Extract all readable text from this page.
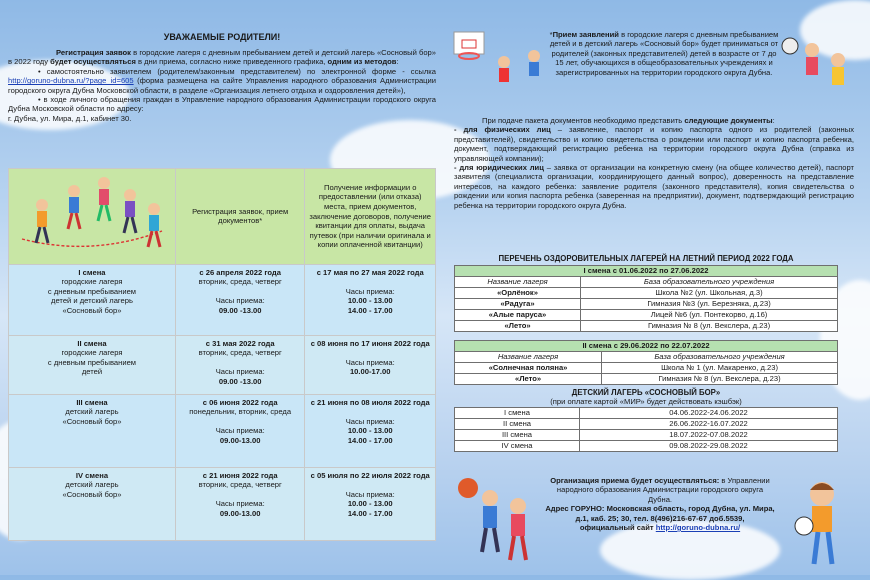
УВАЖАЕМЫЕ РОДИТЕЛИ!

Регистрация заявок в городские лагеря с дневным пребыванием детей и детский лагерь «Сосновый бор» в 2022 году будет осуществляться в дни приема, согласно ниже приведенного графика, одним из методов:

• самостоятельно заявителем (родителем/законным представителем) по электронной форме - ссылка http://goruno-dubna.ru/?page_id=605 (форма размещена на сайте Управления народного образования Администрации городского округа Дубна Московской области, в разделе «Организация летнего отдыха и оздоровления детей»),

• в ходе личного обращения граждан в Управление народного образования Администрации городского округа Дубна Московской области по адресу:

г. Дубна, ул. Мира, д.1, кабинет 30.

	Регистрация заявок, прием документов*	Получение информации о предоставлении (или отказа) места, прием документов, заключение договоров, получение квитанции для оплаты, выдача путевок (при наличии оригинала и копии оплаченной квитанции)
I смена
городские лагеря
с дневным пребыванием
детей и детский лагерь
«Сосновый бор»	с 26 апреля 2022 года
вторник, среда, четверг

Часы приема:
09.00 -13.00	с 17 мая по 27 мая 2022 года

Часы приема:
10.00 - 13.00
14.00 - 17.00
II смена
городские лагеря
с дневным пребыванием
детей	с 31 мая 2022 года
вторник, среда, четверг

Часы приема:
09.00 -13.00	с 08 июня по 17 июня 2022 года

Часы приема:
10.00-17.00
III смена
детский лагерь
«Сосновый бор»	с 06 июня 2022 года
понедельник, вторник, среда

Часы приема:
09.00-13.00	с 21 июня по 08 июля 2022 года

Часы приема:
10.00 - 13.00
14.00 - 17.00
IV смена
детский лагерь
«Сосновый бор»	с 21 июня 2022 года
вторник, среда, четверг

Часы приема:
09.00-13.00	с 05 июля по 22 июля 2022 года

Часы приема:
10.00 - 13.00
14.00 - 17.00

*Прием заявлений в городские лагеря с дневным пребыванием детей и в детский лагерь «Сосновый бор» будет приниматься от родителей (законных представителей) детей в возрасте от 7 до 15 лет, обучающихся в общеобразовательных учреждениях и зарегистрированных на территории городского округа Дубна.

При подаче пакета документов необходимо представить следующие документы:

- для физических лиц – заявление, паспорт и копию паспорта одного из родителей (законных представителей), свидетельство и копию свидетельства о рождении или паспорт и копию паспорта ребенка, документ, подтверждающий регистрацию ребенка на территории городского округа Дубна (справка из управляющей компании);

- для юридических лиц – заявка от организации на конкретную смену (на общее количество детей), паспорт заявителя (специалиста организации, координирующего данный вопрос), доверенность на представление интересов, на каждого ребенка: заявление родителя (законного представителя), копия свидетельства о рождении или копия паспорта ребенка (заверенная на предприятии), документ, подтверждающий регистрацию ребенка на территории городского округа Дубна.

ПЕРЕЧЕНЬ ОЗДОРОВИТЕЛЬНЫХ ЛАГЕРЕЙ НА ЛЕТНИЙ ПЕРИОД 2022 ГОДА
I смена с 01.06.2022 по 27.06.2022	
Название лагеря	База образовательного учреждения
«Орлёнок»	Школа №2 (ул. Школьная, д.3)
«Радуга»	Гимназия №3 (ул. Березняка, д.23)
«Алые паруса»	Лицей №6 (ул. Понтекорво, д.16)
«Лето»	Гимназия № 8 (ул. Векслера, д.23)
II смена с 29.06.2022 по 22.07.2022	
Название лагеря	База образовательного учреждения
«Солнечная поляна»	Школа № 1 (ул. Макаренко, д.23)
«Лето»	Гимназия № 8 (ул. Векслера, д.23)
ДЕТСКИЙ ЛАГЕРЬ «СОСНОВЫЙ БОР»
(при оплате картой «МИР» будет действовать кэшбэк)
I смена	04.06.2022-24.06.2022
II смена	26.06.2022-16.07.2022
III смена	18.07.2022-07.08.2022
IV смена	09.08.2022-29.08.2022

Организация приема будет осуществляться: в Управлении народного образования Администрации городского округа Дубна.

Адрес ГОРУНО: Московская область, город Дубна, ул. Мира, д.1, каб. 25; 30, тел. 8(496)216-67-67 доб.5539,

официальный сайт http://goruno-dubna.ru/
